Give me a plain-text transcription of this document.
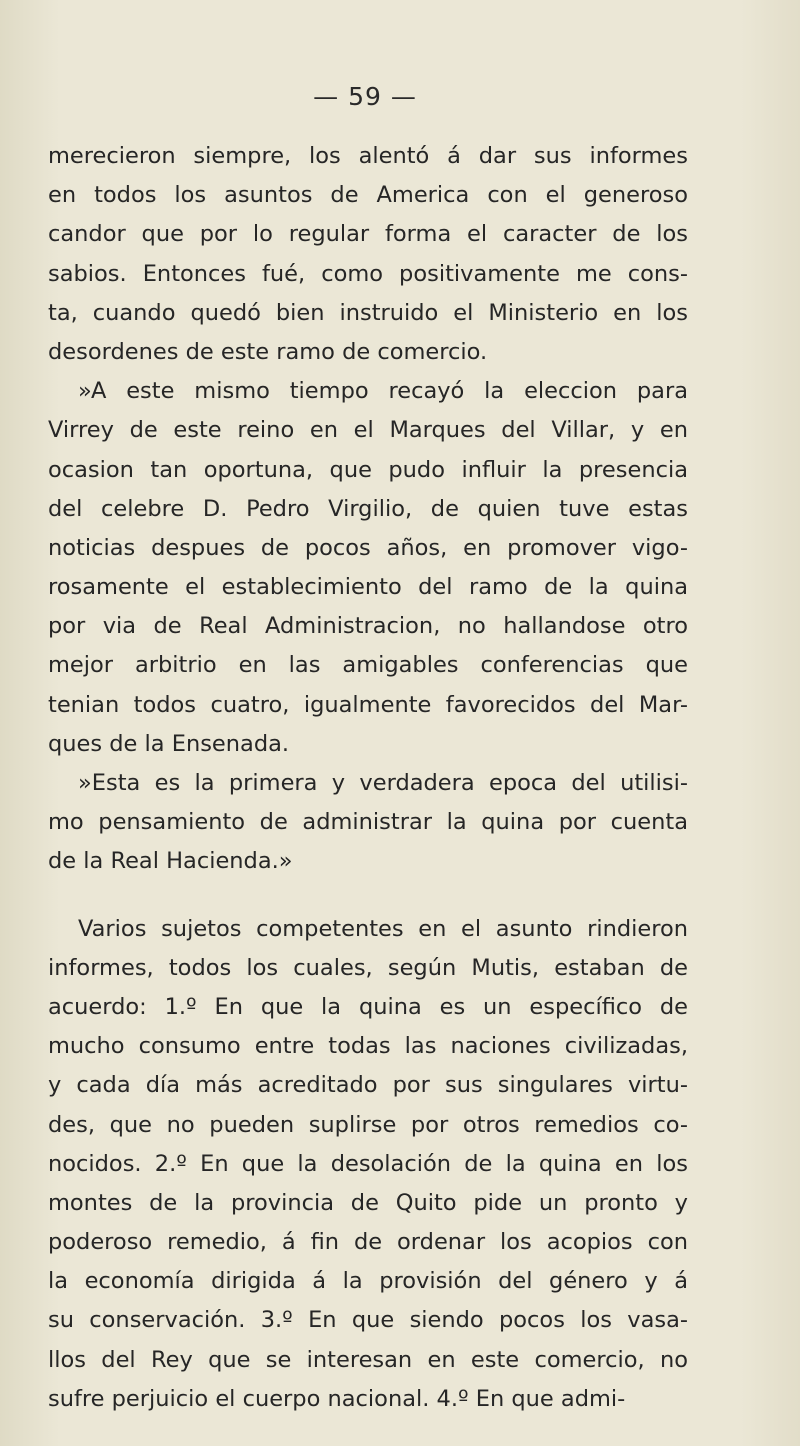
— 59 —
merecieron siempre, los alentó á dar sus informes
en todos los asuntos de America con el generoso
candor que por lo regular forma el caracter de los
sabios. Entonces fué, como positivamente me cons-
ta, cuando quedó bien instruido el Ministerio en los
desordenes de este ramo de comercio.
»A este mismo tiempo recayó la eleccion para
Virrey de este reino en el Marques del Villar, y en
ocasion tan oportuna, que pudo influir la presencia
del celebre D. Pedro Virgilio, de quien tuve estas
noticias despues de pocos años, en promover vigo-
rosamente el establecimiento del ramo de la quina
por via de Real Administracion, no hallandose otro
mejor arbitrio en las amigables conferencias que
tenian todos cuatro, igualmente favorecidos del Mar-
ques de la Ensenada.
»Esta es la primera y verdadera epoca del utilisi-
mo pensamiento de administrar la quina por cuenta
de la Real Hacienda.»
Varios sujetos competentes en el asunto rindieron
informes, todos los cuales, según Mutis, estaban de
acuerdo: 1.º En que la quina es un específico de
mucho consumo entre todas las naciones civilizadas,
y cada día más acreditado por sus singulares virtu-
des, que no pueden suplirse por otros remedios co-
nocidos. 2.º En que la desolación de la quina en los
montes de la provincia de Quito pide un pronto y
poderoso remedio, á fin de ordenar los acopios con
la economía dirigida á la provisión del género y á
su conservación. 3.º En que siendo pocos los vasa-
llos del Rey que se interesan en este comercio, no
sufre perjuicio el cuerpo nacional. 4.º En que admi-
